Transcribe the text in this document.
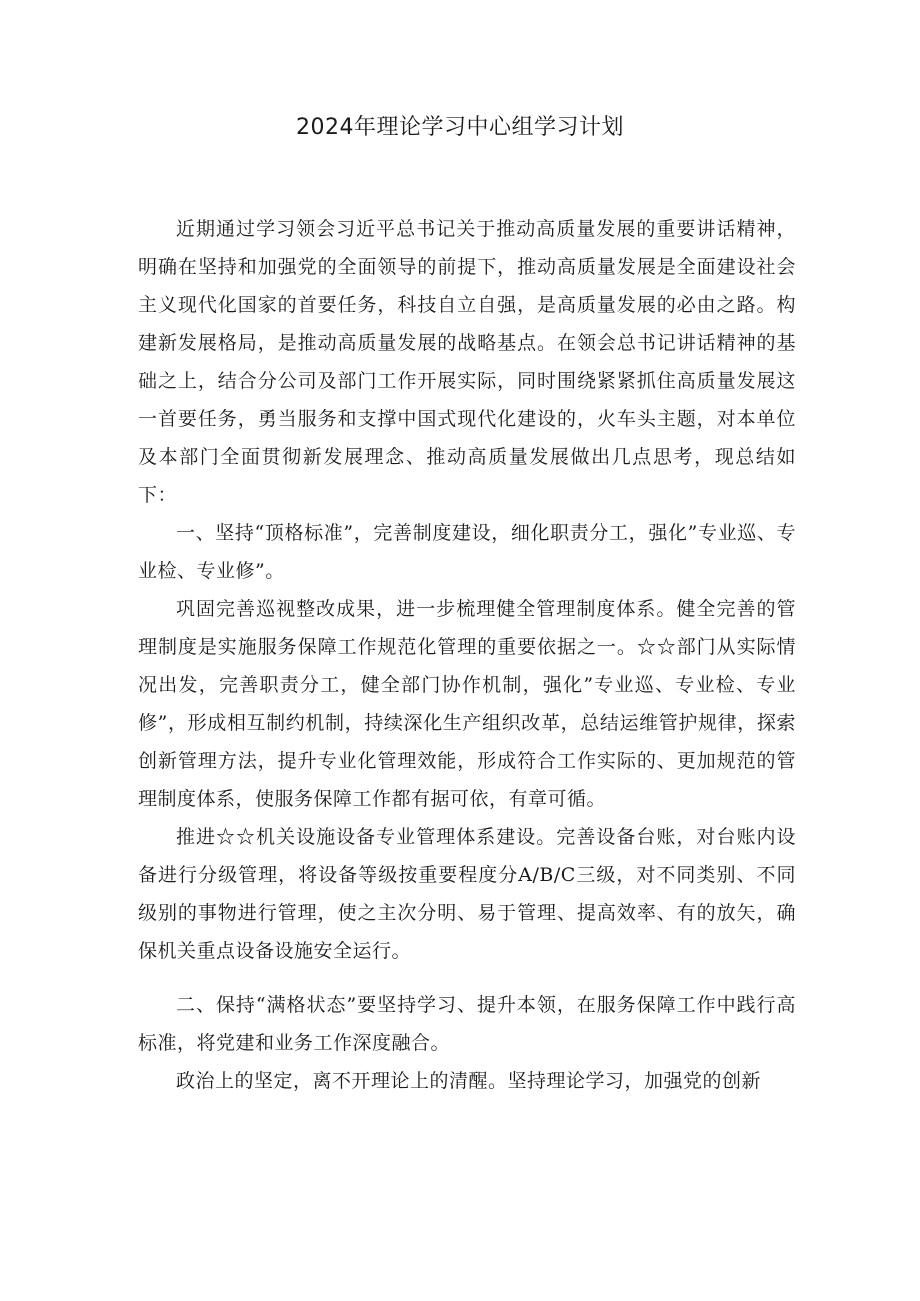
2024年理论学习中心组学习计划

近期通过学习领会习近平总书记关于推动高质量发展的重要讲话精神，明确在坚持和加强党的全面领导的前提下，推动高质量发展是全面建设社会主义现代化国家的首要任务，科技自立自强，是高质量发展的必由之路。构建新发展格局，是推动高质量发展的战略基点。在领会总书记讲话精神的基础之上，结合分公司及部门工作开展实际，同时围绕紧紧抓住高质量发展这一首要任务，勇当服务和支撑中国式现代化建设的，火车头主题，对本单位及本部门全面贯彻新发展理念、推动高质量发展做出几点思考，现总结如下：

一、坚持“顶格标准”，完善制度建设，细化职责分工，强化”专业巡、专业检、专业修”。

巩固完善巡视整改成果，进一步梳理健全管理制度体系。健全完善的管理制度是实施服务保障工作规范化管理的重要依据之一。☆☆部门从实际情况出发，完善职责分工，健全部门协作机制，强化”专业巡、专业检、专业修”，形成相互制约机制，持续深化生产组织改革，总结运维管护规律，探索创新管理方法，提升专业化管理效能，形成符合工作实际的、更加规范的管理制度体系，使服务保障工作都有据可依，有章可循。

推进☆☆机关设施设备专业管理体系建设。完善设备台账，对台账内设备进行分级管理，将设备等级按重要程度分A/B/C三级，对不同类别、不同级别的事物进行管理，使之主次分明、易于管理、提高效率、有的放矢，确保机关重点设备设施安全运行。

二、保持“满格状态”要坚持学习、提升本领，在服务保障工作中践行高标准，将党建和业务工作深度融合。

政治上的坚定，离不开理论上的清醒。坚持理论学习，加强党的创新
